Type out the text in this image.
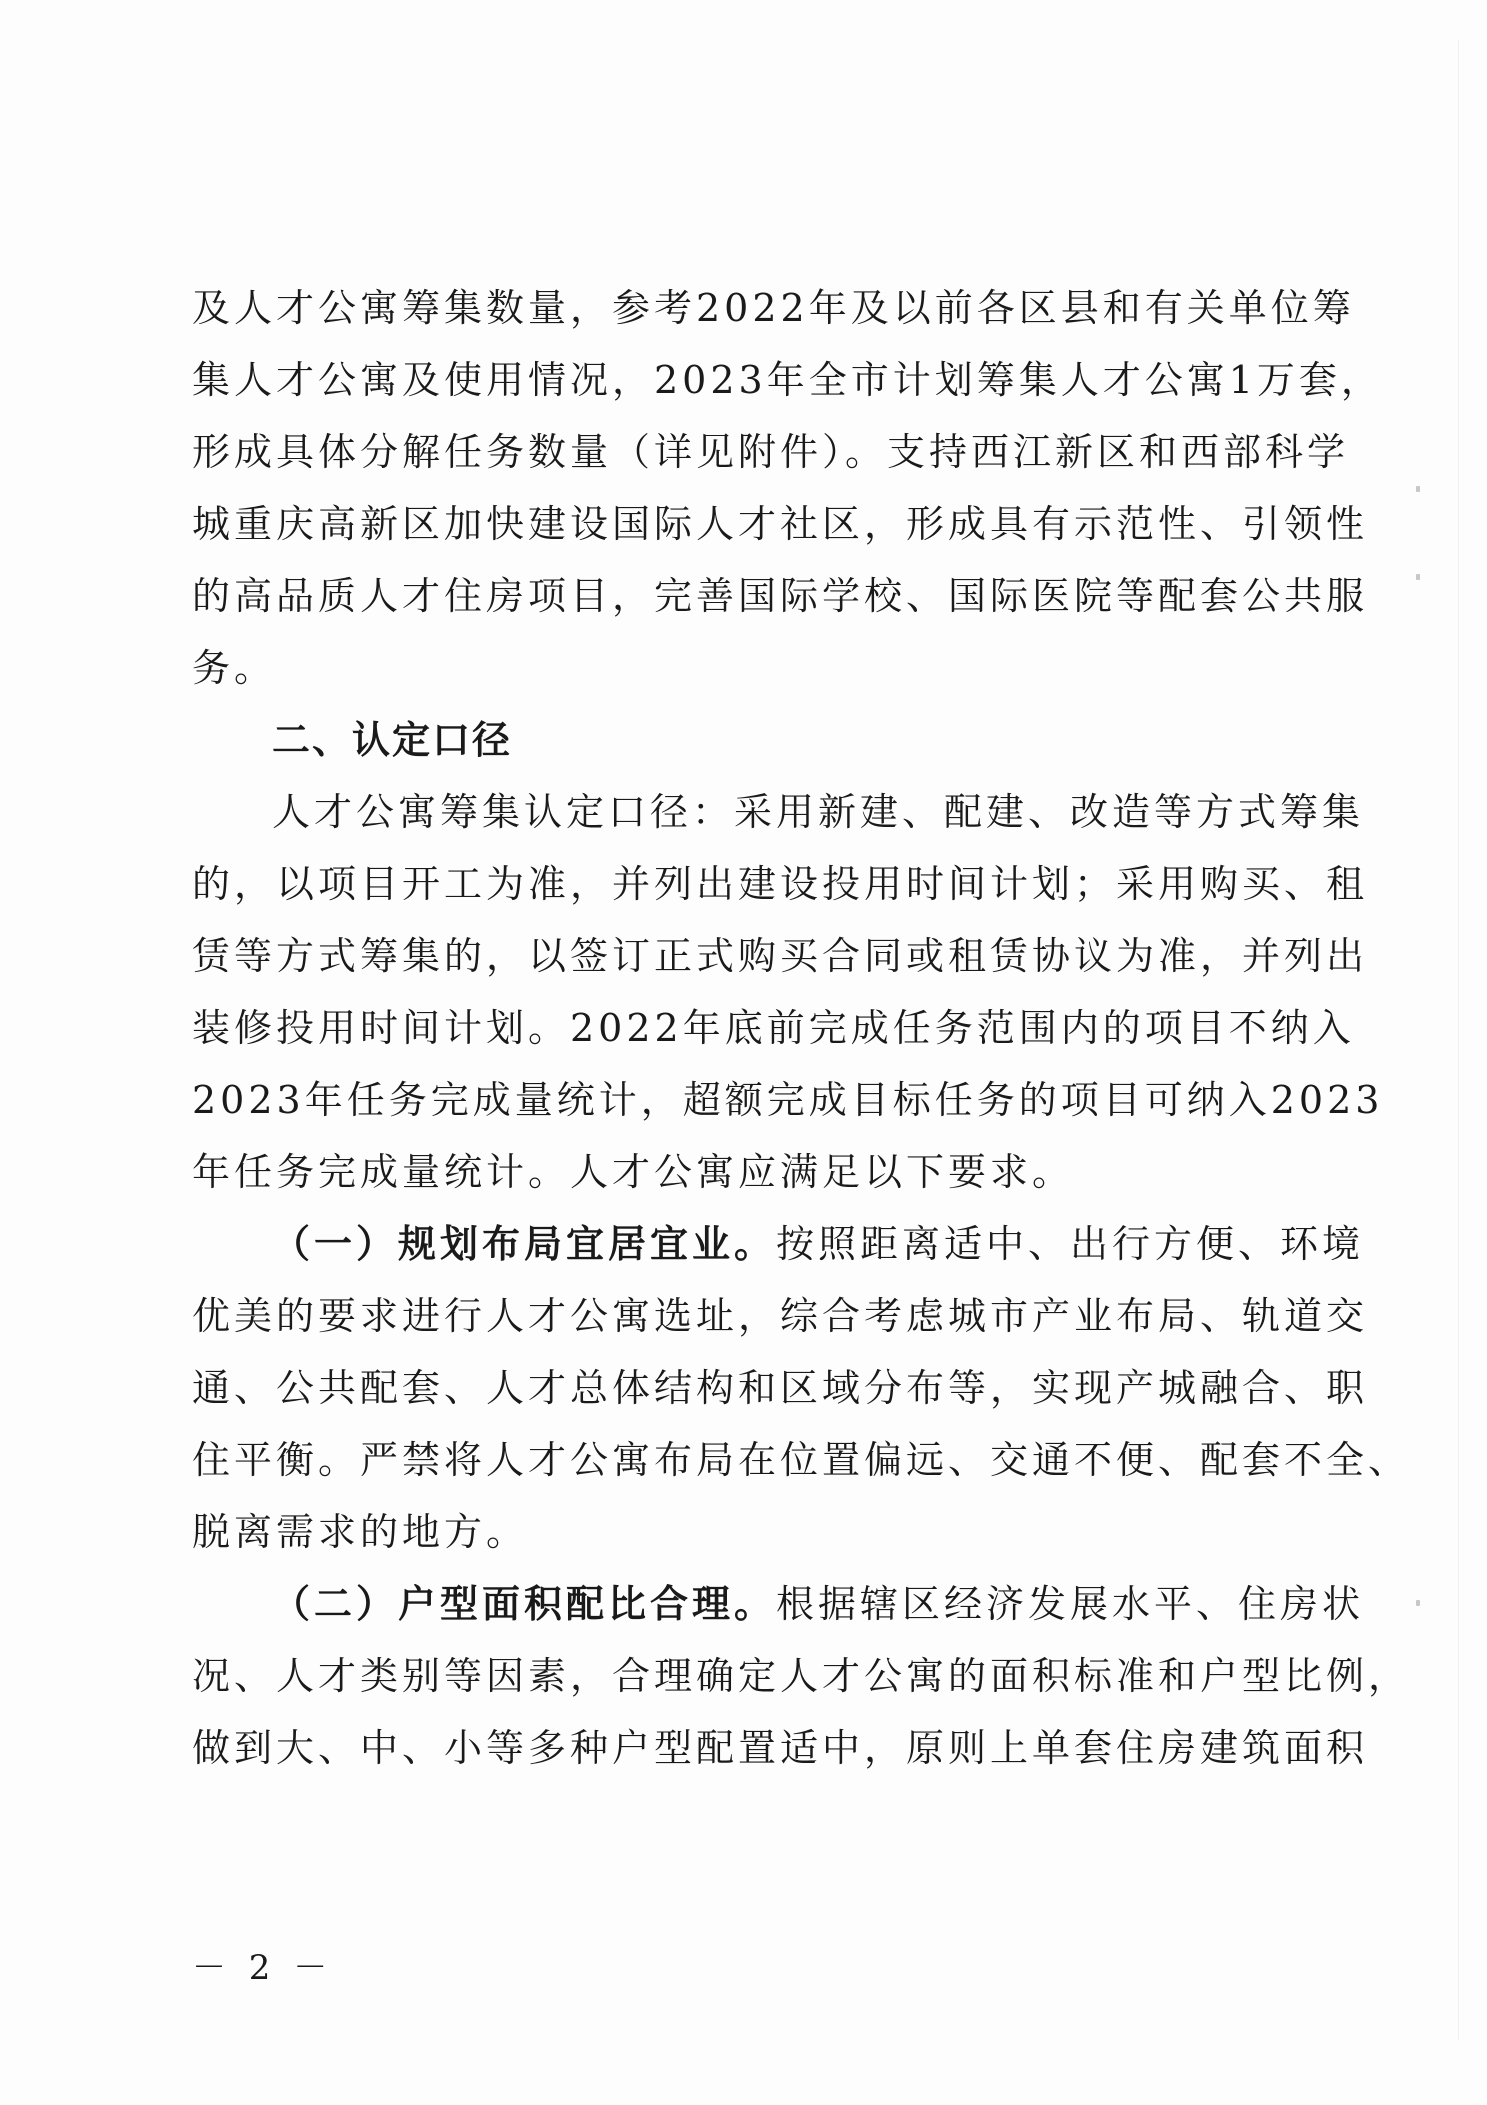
及人才公寓筹集数量，参考2022年及以前各区县和有关单位筹
集人才公寓及使用情况，2023年全市计划筹集人才公寓1万套，
形成具体分解任务数量（详见附件）。支持西江新区和西部科学
城重庆高新区加快建设国际人才社区，形成具有示范性、引领性
的高品质人才住房项目，完善国际学校、国际医院等配套公共服
务。
二、认定口径
人才公寓筹集认定口径：采用新建、配建、改造等方式筹集
的，以项目开工为准，并列出建设投用时间计划；采用购买、租
赁等方式筹集的，以签订正式购买合同或租赁协议为准，并列出
装修投用时间计划。2022年底前完成任务范围内的项目不纳入
2023年任务完成量统计，超额完成目标任务的项目可纳入2023
年任务完成量统计。人才公寓应满足以下要求。
（一）规划布局宜居宜业。按照距离适中、出行方便、环境
优美的要求进行人才公寓选址，综合考虑城市产业布局、轨道交
通、公共配套、人才总体结构和区域分布等，实现产城融合、职
住平衡。严禁将人才公寓布局在位置偏远、交通不便、配套不全、
脱离需求的地方。
（二）户型面积配比合理。根据辖区经济发展水平、住房状
况、人才类别等因素，合理确定人才公寓的面积标准和户型比例，
做到大、中、小等多种户型配置适中，原则上单套住房建筑面积
－ 2 －
